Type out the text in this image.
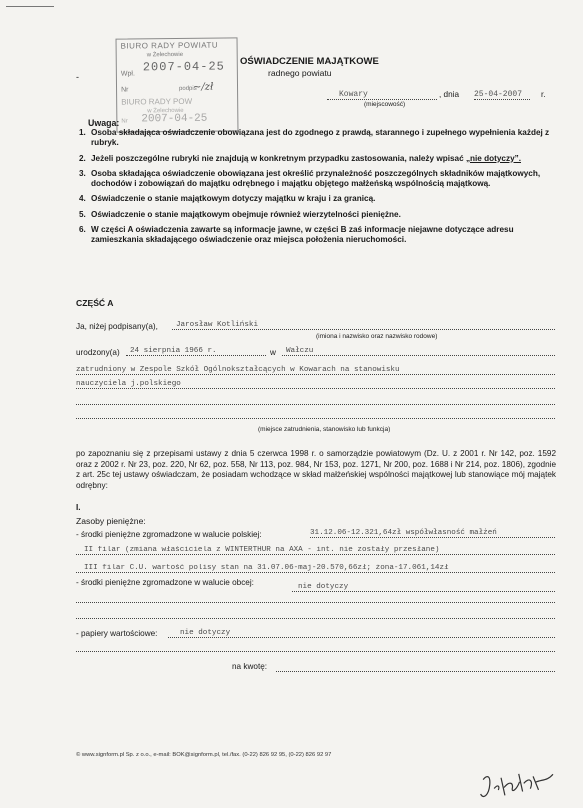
BIURO RADY POWIATU
w Żelechowie
Wpł. 2007-04-25
~/zł
Nr	podpis
BIURO RADY POW
w Żelechowie
Nr 2007-04-25
OŚWIADCZENIE MAJĄTKOWE
radnego powiatu
-
Kowary	, dnia 25-04-2007	r.
(miejscowość)
Uwaga:
1. Osoba składająca oświadczenie obowiązana jest do zgodnego z prawdą, starannego i zupełnego wypełnienia każdej z rubryk.
2. Jeżeli poszczególne rubryki nie znajdują w konkretnym przypadku zastosowania, należy wpisać „nie dotyczy”.
3. Osoba składająca oświadczenie obowiązana jest określić przynależność poszczególnych składników majątkowych, dochodów i zobowiązań do majątku odrębnego i majątku objętego małżeńską wspólnością majątkową.
4. Oświadczenie o stanie majątkowym dotyczy majątku w kraju i za granicą.
5. Oświadczenie o stanie majątkowym obejmuje również wierzytelności pieniężne.
6. W części A oświadczenia zawarte są informacje jawne, w części B zaś informacje niejawne dotyczące adresu zamieszkania składającego oświadczenie oraz miejsca położenia nieruchomości.
CZĘŚĆ A
Ja, niżej podpisany(a),	Jarosław Kotliński
(imiona i nazwisko oraz nazwisko rodowe)
urodzony(a)	24 sierpnia 1966 r.	w	Wałczu
zatrudniony w Zespole Szkół Ogólnokształcących w Kowarach na stanowisku
nauczyciela j.polskiego
(miejsce zatrudnienia, stanowisko lub funkcja)
po zapoznaniu się z przepisami ustawy z dnia 5 czerwca 1998 r. o samorządzie powiatowym (Dz. U. z 2001 r. Nr 142, poz. 1592 oraz z 2002 r. Nr 23, poz. 220, Nr 62, poz. 558, Nr 113, poz. 984, Nr 153, poz. 1271, Nr 200, poz. 1688 i Nr 214, poz. 1806), zgodnie z art. 25c tej ustawy oświadczam, że posiadam wchodzące w skład małżeńskiej wspólności majątkowej lub stanowiące mój majątek odrębny:
I.
Zasoby pieniężne:
- środki pieniężne zgromadzone w walucie polskiej:	31.12.06-12.321,64zł współwłasność małżeń
II filar (zmiana właściciela z WINTERTHUR na AXA - int. nie zostały przesłane)
III filar C.U. wartość polisy stan na 31.07.06-maj-20.570,66zł; żona-17.061,14zł
- środki pieniężne zgromadzone w walucie obcej:	nie dotyczy
- papiery wartościowe:	nie dotyczy
na kwotę:
© www.signform.pl Sp. z o.o., e-mail: BOK@signform.pl, tel./fax. (0-22) 826 92 95, (0-22) 826 92 97
